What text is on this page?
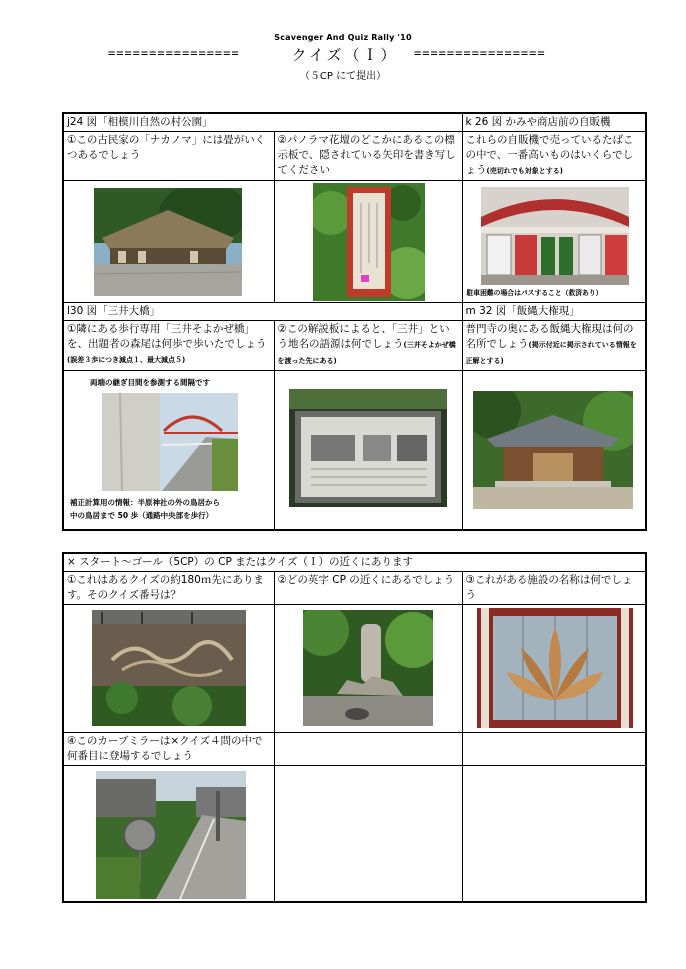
Scavenger And Quiz Rally '10
================	クイズ（Ｉ）	================
（５CP にて提出）
j24 図「相模川自然の村公園」		k 26 図 かみや商店前の自販機
①この古民家の「ナカノマ」には畳がいくつあるでしょう	②パノラマ花壇のどこかにあるこの標示板で、隠されている矢印を書き写してください	これらの自販機で売っているたばこの中で、一番高いものはいくらでしょう(売切れでも対象とする)

駐車困難の場合はパスすること（救済あり）

l30 図「三井大橋」		m 32 図「飯縄大権現」
①隣にある歩行専用「三井そよかぜ橋」を、出題者の森尾は何歩で歩いたでしょう(誤差３歩につき減点１、最大減点５)	②この解説板によると、「三井」という地名の語源は何でしょう(三井そよかぜ橋を渡った先にある)	普門寺の奥にある飯縄大権現は何の名所でしょう(掲示付近に掲示されている情報を正解とする)

両端の継ぎ目間を参測する間隔です
補正計算用の情報：半原神社の外の鳥居から
中の鳥居まで 50 歩（通路中央部を歩行）

× スタート～ゴール（5CP）の CP またはクイズ（Ｉ）の近くにあります		
①これはあるクイズの約180ｍ先にあります。そのクイズ番号は？	②どの英字 CP の近くにあるでしょう	③これがある施設の名称は何でしょう

④このカーブミラーは×クイズ４問の中で何番目に登場するでしょう		
